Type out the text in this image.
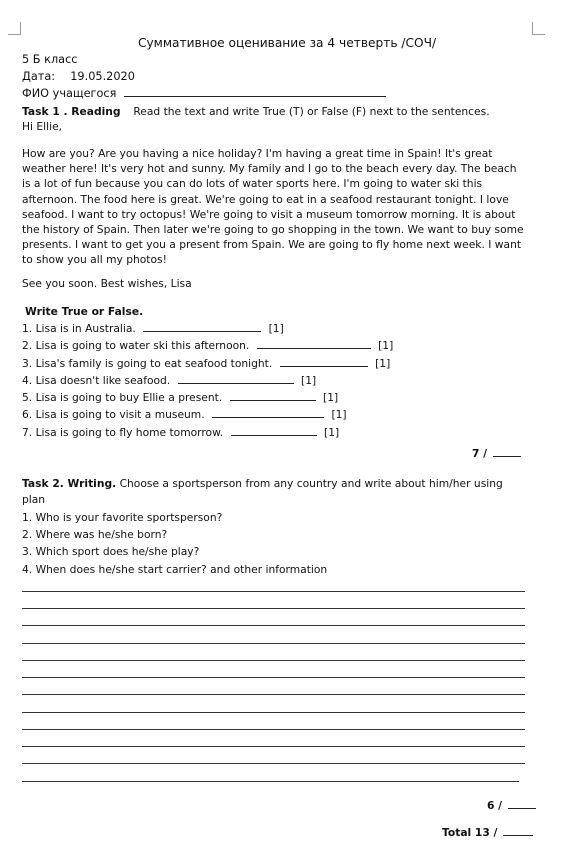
Суммативное оценивание за 4 четверть /СОЧ/
5 Б класс
Дата: 19.05.2020
ФИО учащегося
Task 1 . Reading Read the text and write True (T) or False (F) next to the sentences.
Hi Ellie,

How are you? Are you having a nice holiday? I'm having a great time in Spain! It's great

weather here! It's very hot and sunny. My family and I go to the beach every day. The beach

is a lot of fun because you can do lots of water sports here. I'm going to water ski this

afternoon. The food here is great. We're going to eat in a seafood restaurant tonight. I love

seafood. I want to try octopus! We're going to visit a museum tomorrow morning. It is about

the history of Spain. Then later we're going to go shopping in the town. We want to buy some

presents. I want to get you a present from Spain. We are going to fly home next week. I want

to show you all my photos!

See you soon. Best wishes, Lisa
Write True or False.
1. Lisa is in Australia.	[1]
2. Lisa is going to water ski this afternoon.	[1]
3. Lisa's family is going to eat seafood tonight.	[1]
4. Lisa doesn't like seafood.	[1]
5. Lisa is going to buy Ellie a present.	[1]
6. Lisa is going to visit a museum.	[1]
7. Lisa is going to fly home tomorrow.	[1]
7 /
Task 2. Writing. Choose a sportsperson from any country and write about him/her using
plan
1. Who is your favorite sportsperson?
2. Where was he/she born?
3. Which sport does he/she play?
4. When does he/she start carrier? and other information
6 /
Total 13 /
